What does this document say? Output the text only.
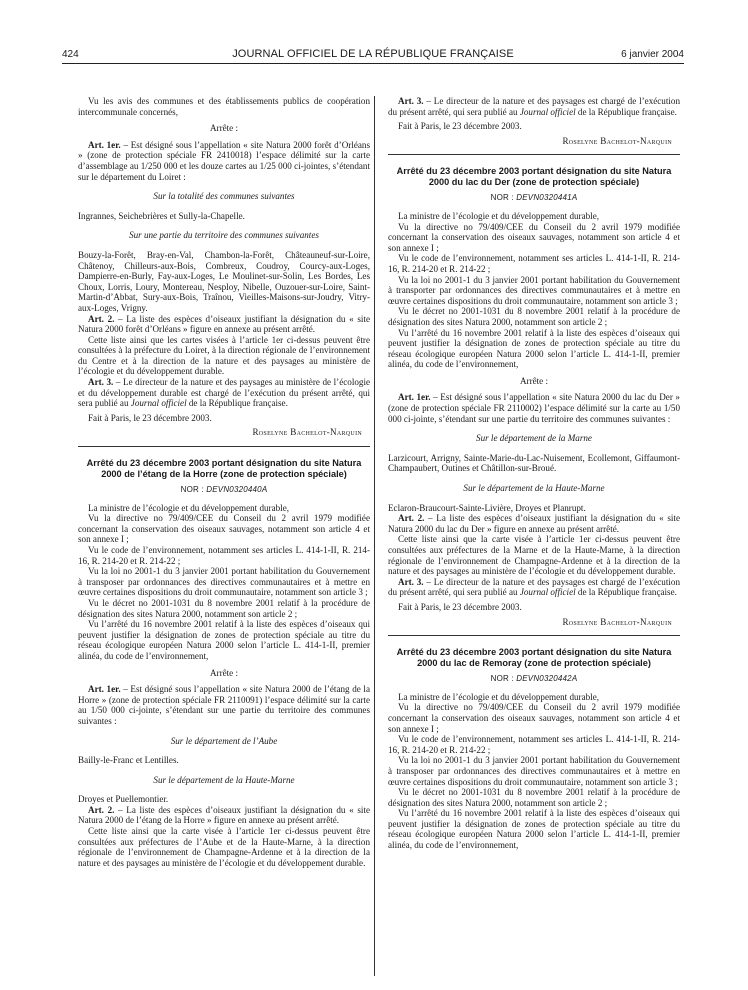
424	JOURNAL OFFICIEL DE LA RÉPUBLIQUE FRANÇAISE	6 janvier 2004

Vu les avis des communes et des établissements publics de coopération intercommunale concernés,

Arrête :

Art. 1er. – Est désigné sous l’appellation « site Natura 2000 forêt d’Orléans » (zone de protection spéciale FR 2410018) l’espace délimité sur la carte d’assemblage au 1/250 000 et les douze cartes au 1/25 000 ci-jointes, s’étendant sur le département du Loiret :

Sur la totalité des communes suivantes

Ingrannes, Seichebrières et Sully-la-Chapelle.

Sur une partie du territoire des communes suivantes

Bouzy-la-Forêt, Bray-en-Val, Chambon-la-Forêt, Châteauneuf-sur-Loire, Châtenoy, Chilleurs-aux-Bois, Combreux, Coudroy, Courcy-aux-Loges, Dampierre-en-Burly, Fay-aux-Loges, Le Moulinet-sur-Solin, Les Bordes, Les Choux, Lorris, Loury, Montereau, Nesploy, Nibelle, Ouzouer-sur-Loire, Saint-Martin-d’Abbat, Sury-aux-Bois, Traînou, Vieilles-Maisons-sur-Joudry, Vitry-aux-Loges, Vrigny.

Art. 2. – La liste des espèces d’oiseaux justifiant la désignation du « site Natura 2000 forêt d’Orléans » figure en annexe au présent arrêté.

Cette liste ainsi que les cartes visées à l’article 1er ci-dessus peuvent être consultées à la préfecture du Loiret, à la direction régionale de l’environnement du Centre et à la direction de la nature et des paysages au ministère de l’écologie et du développement durable.

Art. 3. – Le directeur de la nature et des paysages au ministère de l’écologie et du développement durable est chargé de l’exécution du présent arrêté, qui sera publié au Journal officiel de la République française.

Fait à Paris, le 23 décembre 2003.

Roselyne Bachelot-Narquin

Arrêté du 23 décembre 2003 portant désignation du site Natura 2000 de l’étang de la Horre (zone de protection spéciale)

NOR : DEVN0320440A

La ministre de l’écologie et du développement durable,

Vu la directive no 79/409/CEE du Conseil du 2 avril 1979 modifiée concernant la conservation des oiseaux sauvages, notamment son article 4 et son annexe I ;

Vu le code de l’environnement, notamment ses articles L. 414-1-II, R. 214-16, R. 214-20 et R. 214-22 ;

Vu la loi no 2001-1 du 3 janvier 2001 portant habilitation du Gouvernement à transposer par ordonnances des directives communautaires et à mettre en œuvre certaines dispositions du droit communautaire, notamment son article 3 ;

Vu le décret no 2001-1031 du 8 novembre 2001 relatif à la procédure de désignation des sites Natura 2000, notamment son article 2 ;

Vu l’arrêté du 16 novembre 2001 relatif à la liste des espèces d’oiseaux qui peuvent justifier la désignation de zones de protection spéciale au titre du réseau écologique européen Natura 2000 selon l’article L. 414-1-II, premier alinéa, du code de l’environnement,

Arrête :

Art. 1er. – Est désigné sous l’appellation « site Natura 2000 de l’étang de la Horre » (zone de protection spéciale FR 2110091) l’espace délimité sur la carte au 1/50 000 ci-jointe, s’étendant sur une partie du territoire des communes suivantes :

Sur le département de l’Aube

Bailly-le-Franc et Lentilles.

Sur le département de la Haute-Marne

Droyes et Puellemontier.

Art. 2. – La liste des espèces d’oiseaux justifiant la désignation du « site Natura 2000 de l’étang de la Horre » figure en annexe au présent arrêté.

Cette liste ainsi que la carte visée à l’article 1er ci-dessus peuvent être consultées aux préfectures de l’Aube et de la Haute-Marne, à la direction régionale de l’environnement de Champagne-Ardenne et à la direction de la nature et des paysages au ministère de l’écologie et du développement durable.

Art. 3. – Le directeur de la nature et des paysages est chargé de l’exécution du présent arrêté, qui sera publié au Journal officiel de la République française.

Fait à Paris, le 23 décembre 2003.

Roselyne Bachelot-Narquin

Arrêté du 23 décembre 2003 portant désignation du site Natura 2000 du lac du Der (zone de protection spéciale)

NOR : DEVN0320441A

La ministre de l’écologie et du développement durable,

Vu la directive no 79/409/CEE du Conseil du 2 avril 1979 modifiée concernant la conservation des oiseaux sauvages, notamment son article 4 et son annexe I ;

Vu le code de l’environnement, notamment ses articles L. 414-1-II, R. 214-16, R. 214-20 et R. 214-22 ;

Vu la loi no 2001-1 du 3 janvier 2001 portant habilitation du Gouvernement à transporter par ordonnances des directives communautaires et à mettre en œuvre certaines dispositions du droit communautaire, notamment son article 3 ;

Vu le décret no 2001-1031 du 8 novembre 2001 relatif à la procédure de désignation des sites Natura 2000, notamment son article 2 ;

Vu l’arrêté du 16 novembre 2001 relatif à la liste des espèces d’oiseaux qui peuvent justifier la désignation de zones de protection spéciale au titre du réseau écologique européen Natura 2000 selon l’article L. 414-1-II, premier alinéa, du code de l’environnement,

Arrête :

Art. 1er. – Est désigné sous l’appellation « site Natura 2000 du lac du Der » (zone de protection spéciale FR 2110002) l’espace délimité sur la carte au 1/50 000 ci-jointe, s’étendant sur une partie du territoire des communes suivantes :

Sur le département de la Marne

Larzicourt, Arrigny, Sainte-Marie-du-Lac-Nuisement, Ecollemont, Giffaumont-Champaubert, Outines et Châtillon-sur-Broué.

Sur le département de la Haute-Marne

Eclaron-Braucourt-Sainte-Livière, Droyes et Planrupt.

Art. 2. – La liste des espèces d’oiseaux justifiant la désignation du « site Natura 2000 du lac du Der » figure en annexe au présent arrêté.

Cette liste ainsi que la carte visée à l’article 1er ci-dessus peuvent être consultées aux préfectures de la Marne et de la Haute-Marne, à la direction régionale de l’environnement de Champagne-Ardenne et à la direction de la nature et des paysages au ministère de l’écologie et du développement durable.

Art. 3. – Le directeur de la nature et des paysages est chargé de l’exécution du présent arrêté, qui sera publié au Journal officiel de la République française.

Fait à Paris, le 23 décembre 2003.

Roselyne Bachelot-Narquin

Arrêté du 23 décembre 2003 portant désignation du site Natura 2000 du lac de Remoray (zone de protection spéciale)

NOR : DEVN0320442A

La ministre de l’écologie et du développement durable,

Vu la directive no 79/409/CEE du Conseil du 2 avril 1979 modifiée concernant la conservation des oiseaux sauvages, notamment son article 4 et son annexe I ;

Vu le code de l’environnement, notamment ses articles L. 414-1-II, R. 214-16, R. 214-20 et R. 214-22 ;

Vu la loi no 2001-1 du 3 janvier 2001 portant habilitation du Gouvernement à transposer par ordonnances des directives communautaires et à mettre en œuvre certaines dispositions du droit communautaire, notamment son article 3 ;

Vu le décret no 2001-1031 du 8 novembre 2001 relatif à la procédure de désignation des sites Natura 2000, notamment son article 2 ;

Vu l’arrêté du 16 novembre 2001 relatif à la liste des espèces d’oiseaux qui peuvent justifier la désignation de zones de protection spéciale au titre du réseau écologique européen Natura 2000 selon l’article L. 414-1-II, premier alinéa, du code de l’environnement,
